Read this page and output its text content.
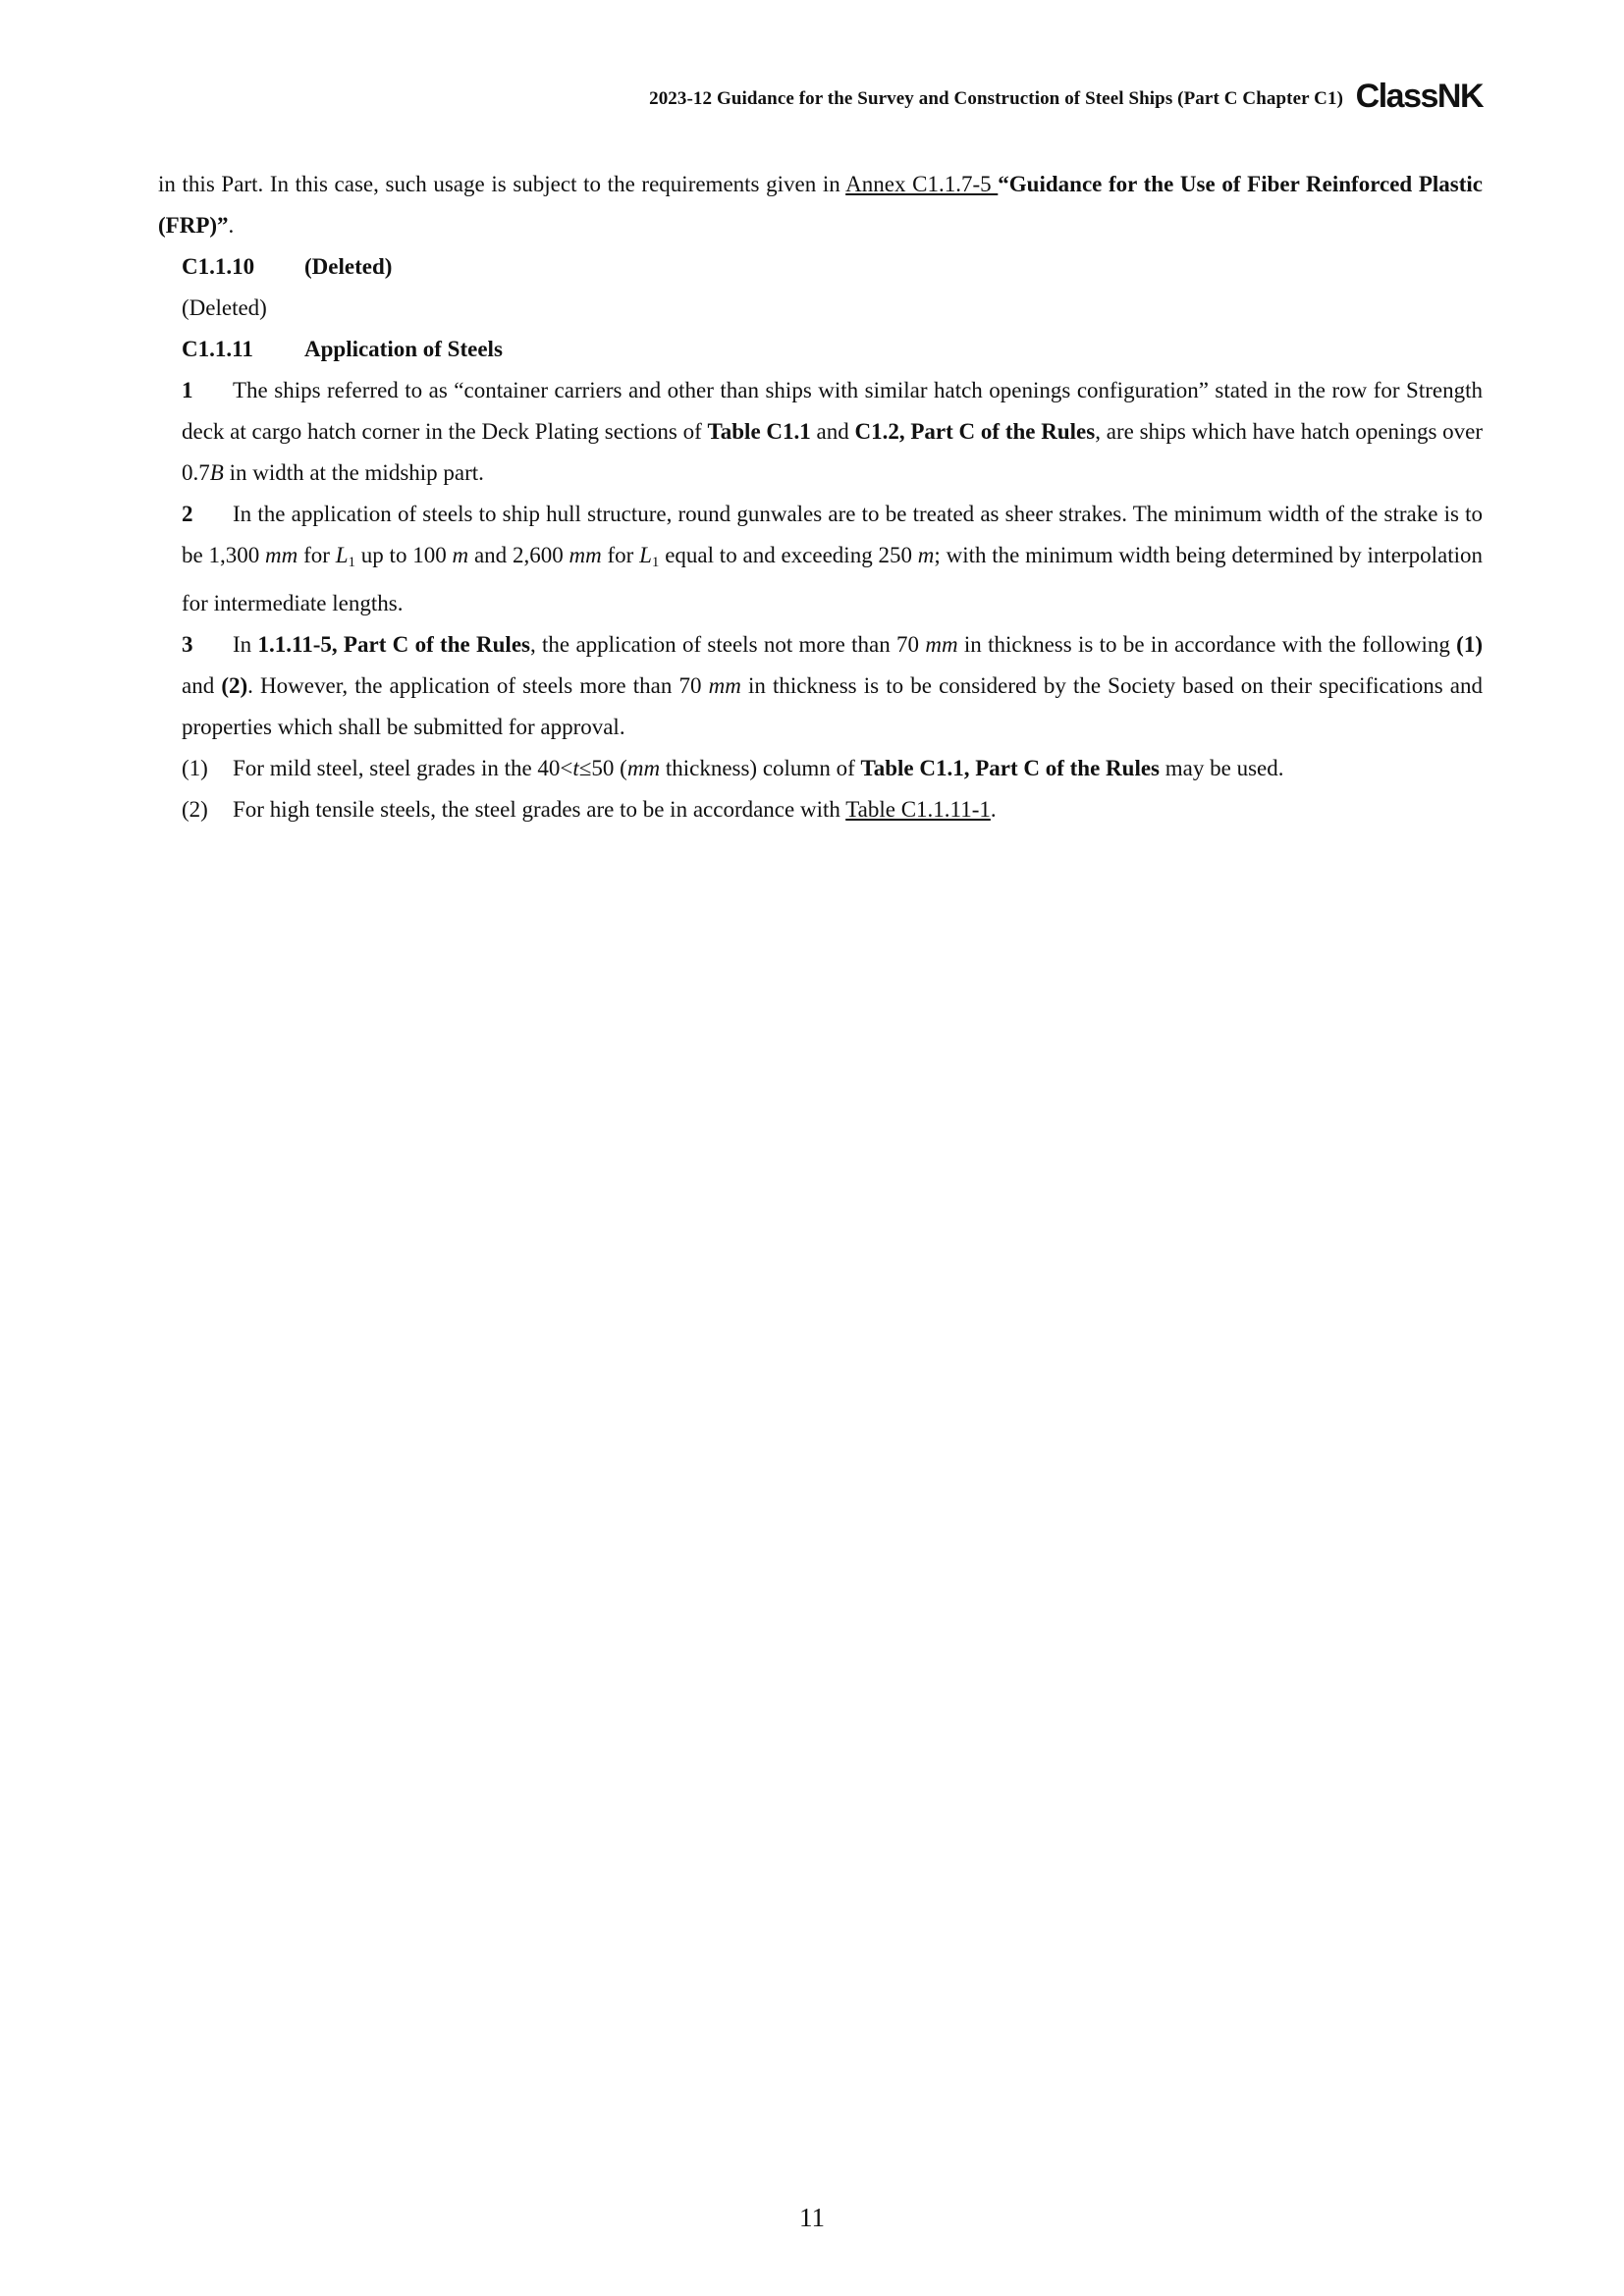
2023-12 Guidance for the Survey and Construction of Steel Ships (Part C Chapter C1) ClassNK

in this Part. In this case, such usage is subject to the requirements given in Annex C1.1.7-5 “Guidance for the Use of Fiber Reinforced Plastic (FRP)”.

C1.1.10 (Deleted)

(Deleted)

C1.1.11 Application of Steels

1 The ships referred to as “container carriers and other than ships with similar hatch openings configuration” stated in the row for Strength deck at cargo hatch corner in the Deck Plating sections of Table C1.1 and C1.2, Part C of the Rules, are ships which have hatch openings over 0.7B in width at the midship part.

2 In the application of steels to ship hull structure, round gunwales are to be treated as sheer strakes. The minimum width of the strake is to be 1,300 mm for $L_1$ up to 100 m and 2,600 mm for $L_1$ equal to and exceeding 250 m; with the minimum width being determined by interpolation for intermediate lengths.

3 In 1.1.11-5, Part C of the Rules, the application of steels not more than 70 mm in thickness is to be in accordance with the following (1) and (2). However, the application of steels more than 70 mm in thickness is to be considered by the Society based on their specifications and properties which shall be submitted for approval.

(1) For mild steel, steel grades in the 40<t≤50 (mm thickness) column of Table C1.1, Part C of the Rules may be used.

(2) For high tensile steels, the steel grades are to be in accordance with Table C1.1.11-1.

11
